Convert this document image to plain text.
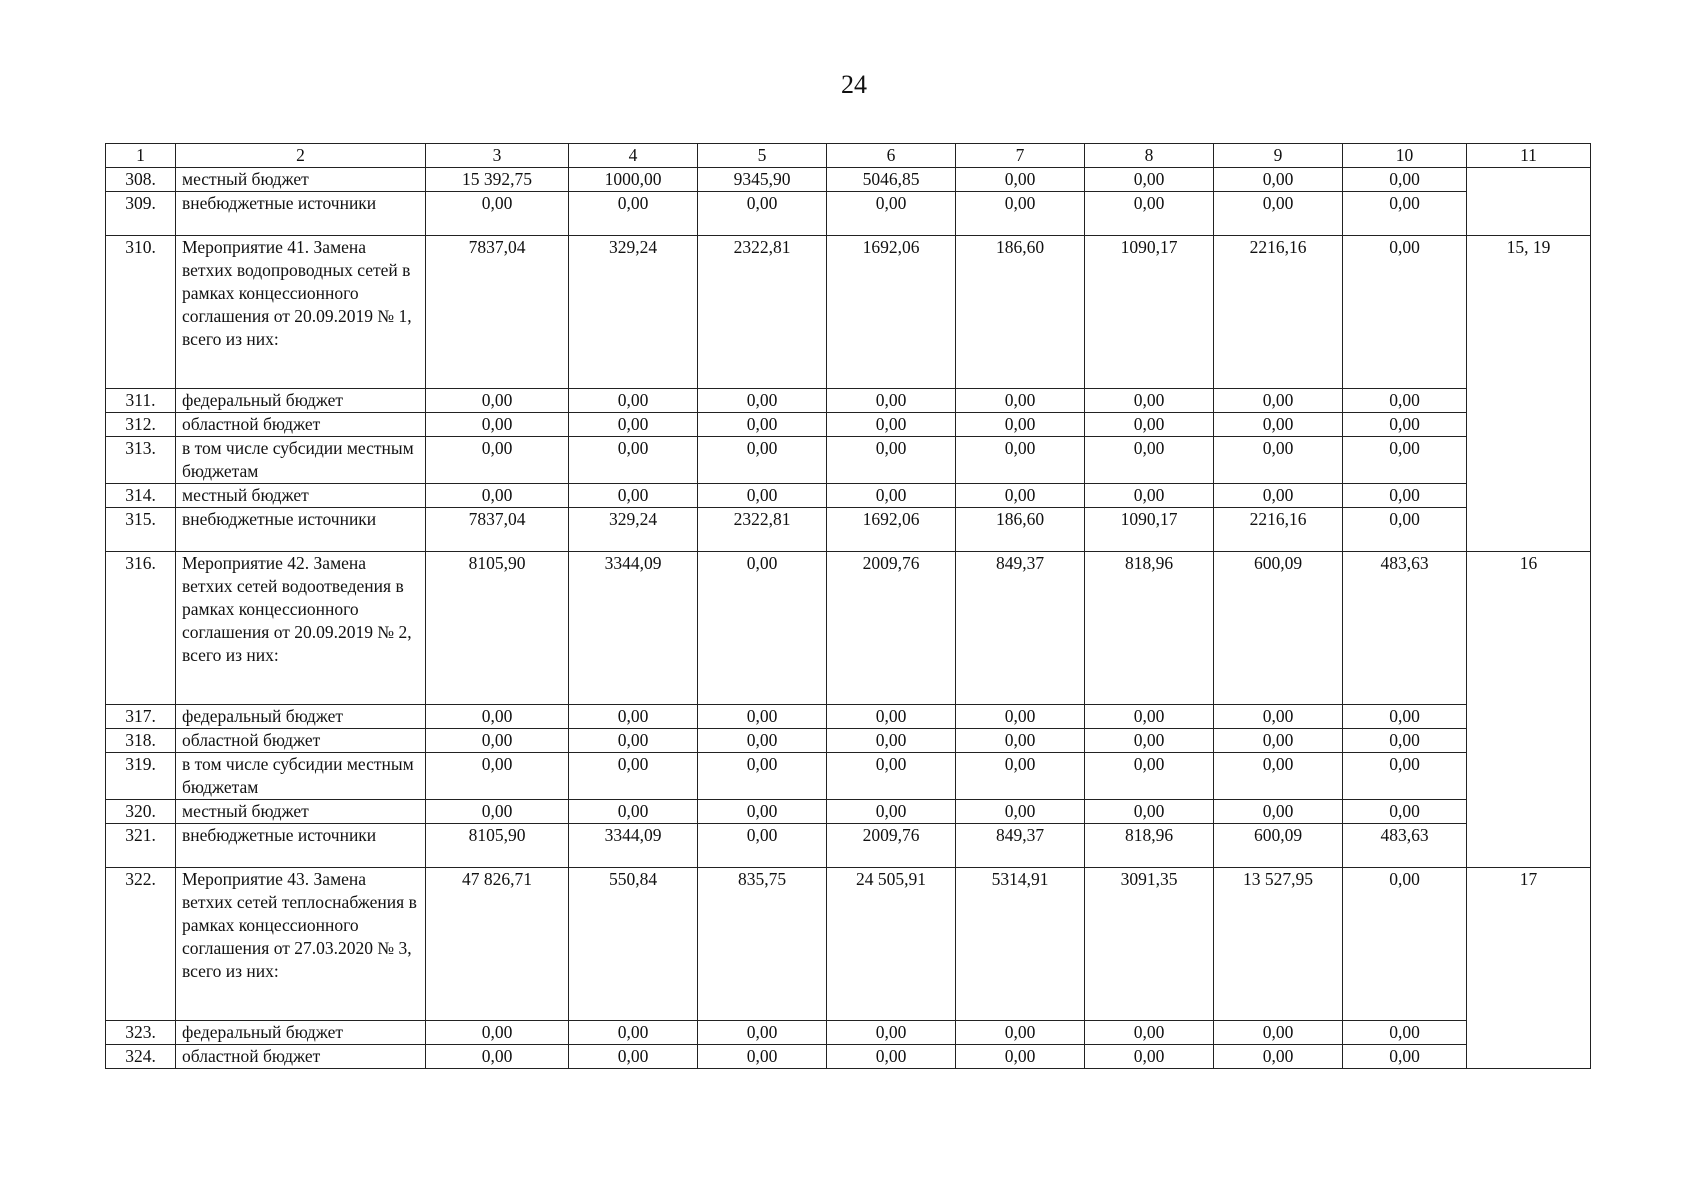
24
1	2	3	4	5	6	7	8	9	10	11
308.	местный бюджет	15 392,75	1000,00	9345,90	5046,85	0,00	0,00	0,00	0,00	
309.	внебюджетные источники	0,00	0,00	0,00	0,00	0,00	0,00	0,00	0,00	
310.	Мероприятие 41. Замена ветхих водопроводных сетей в рамках концессионного соглашения от 20.09.2019 № 1, всего из них:	7837,04	329,24	2322,81	1692,06	186,60	1090,17	2216,16	0,00	15, 19
311.	федеральный бюджет	0,00	0,00	0,00	0,00	0,00	0,00	0,00	0,00	
312.	областной бюджет	0,00	0,00	0,00	0,00	0,00	0,00	0,00	0,00	
313.	в том числе субсидии местным бюджетам	0,00	0,00	0,00	0,00	0,00	0,00	0,00	0,00	
314.	местный бюджет	0,00	0,00	0,00	0,00	0,00	0,00	0,00	0,00	
315.	внебюджетные источники	7837,04	329,24	2322,81	1692,06	186,60	1090,17	2216,16	0,00	
316.	Мероприятие 42. Замена ветхих сетей водоотведения в рамках концессионного соглашения от 20.09.2019 № 2, всего из них:	8105,90	3344,09	0,00	2009,76	849,37	818,96	600,09	483,63	16
317.	федеральный бюджет	0,00	0,00	0,00	0,00	0,00	0,00	0,00	0,00	
318.	областной бюджет	0,00	0,00	0,00	0,00	0,00	0,00	0,00	0,00	
319.	в том числе субсидии местным бюджетам	0,00	0,00	0,00	0,00	0,00	0,00	0,00	0,00	
320.	местный бюджет	0,00	0,00	0,00	0,00	0,00	0,00	0,00	0,00	
321.	внебюджетные источники	8105,90	3344,09	0,00	2009,76	849,37	818,96	600,09	483,63	
322.	Мероприятие 43. Замена ветхих сетей теплоснабжения в рамках концессионного соглашения от 27.03.2020 № 3, всего из них:	47 826,71	550,84	835,75	24 505,91	5314,91	3091,35	13 527,95	0,00	17
323.	федеральный бюджет	0,00	0,00	0,00	0,00	0,00	0,00	0,00	0,00	
324.	областной бюджет	0,00	0,00	0,00	0,00	0,00	0,00	0,00	0,00	
